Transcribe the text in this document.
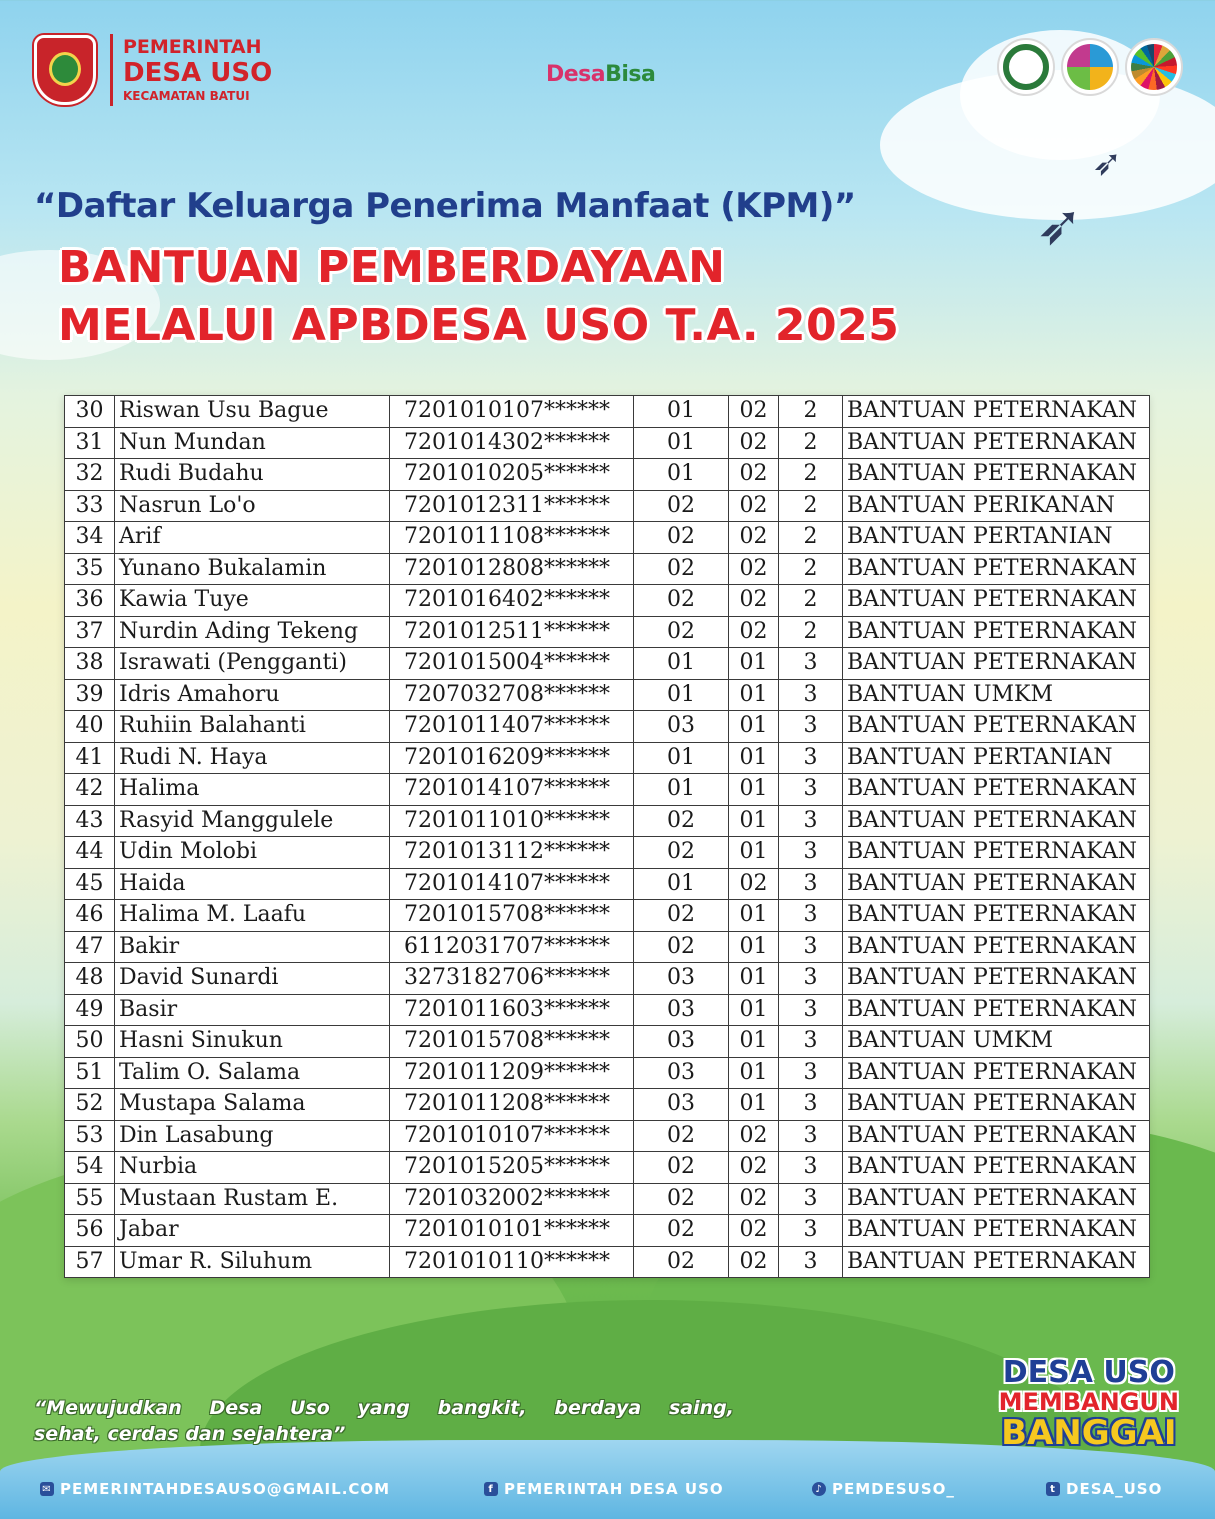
PEMERINTAH
DESA USO
KECAMATAN BATUI
DesaBisa
➶
➶
“Daftar Keluarga Penerima Manfaat (KPM)”
BANTUAN PEMBERDAYAAN
MELALUI APBDESA USO T.A. 2025
30	Riswan Usu Bague	7201010107******	01	02	2	BANTUAN PETERNAKAN
31	Nun Mundan	7201014302******	01	02	2	BANTUAN PETERNAKAN
32	Rudi Budahu	7201010205******	01	02	2	BANTUAN PETERNAKAN
33	Nasrun Lo'o	7201012311******	02	02	2	BANTUAN PERIKANAN
34	Arif	7201011108******	02	02	2	BANTUAN PERTANIAN
35	Yunano Bukalamin	7201012808******	02	02	2	BANTUAN PETERNAKAN
36	Kawia Tuye	7201016402******	02	02	2	BANTUAN PETERNAKAN
37	Nurdin Ading Tekeng	7201012511******	02	02	2	BANTUAN PETERNAKAN
38	Israwati (Pengganti)	7201015004******	01	01	3	BANTUAN PETERNAKAN
39	Idris Amahoru	7207032708******	01	01	3	BANTUAN UMKM
40	Ruhiin Balahanti	7201011407******	03	01	3	BANTUAN PETERNAKAN
41	Rudi N. Haya	7201016209******	01	01	3	BANTUAN PERTANIAN
42	Halima	7201014107******	01	01	3	BANTUAN PETERNAKAN
43	Rasyid Manggulele	7201011010******	02	01	3	BANTUAN PETERNAKAN
44	Udin Molobi	7201013112******	02	01	3	BANTUAN PETERNAKAN
45	Haida	7201014107******	01	02	3	BANTUAN PETERNAKAN
46	Halima M. Laafu	7201015708******	02	01	3	BANTUAN PETERNAKAN
47	Bakir	6112031707******	02	01	3	BANTUAN PETERNAKAN
48	David Sunardi	3273182706******	03	01	3	BANTUAN PETERNAKAN
49	Basir	7201011603******	03	01	3	BANTUAN PETERNAKAN
50	Hasni Sinukun	7201015708******	03	01	3	BANTUAN UMKM
51	Talim O. Salama	7201011209******	03	01	3	BANTUAN PETERNAKAN
52	Mustapa Salama	7201011208******	03	01	3	BANTUAN PETERNAKAN
53	Din Lasabung	7201010107******	02	02	3	BANTUAN PETERNAKAN
54	Nurbia	7201015205******	02	02	3	BANTUAN PETERNAKAN
55	Mustaan Rustam E.	7201032002******	02	02	3	BANTUAN PETERNAKAN
56	Jabar	7201010101******	02	02	3	BANTUAN PETERNAKAN
57	Umar R. Siluhum	7201010110******	02	02	3	BANTUAN PETERNAKAN
“Mewujudkan Desa Uso yang bangkit, berdaya saing,
sehat, cerdas dan sejahtera”
DESA USO
MEMBANGUN
BANGGAI
✉ PEMERINTAHDESAUSO@GMAIL.COM	f PEMERINTAH DESA USO	♪ PEMDESUSO_	t DESA_USO
